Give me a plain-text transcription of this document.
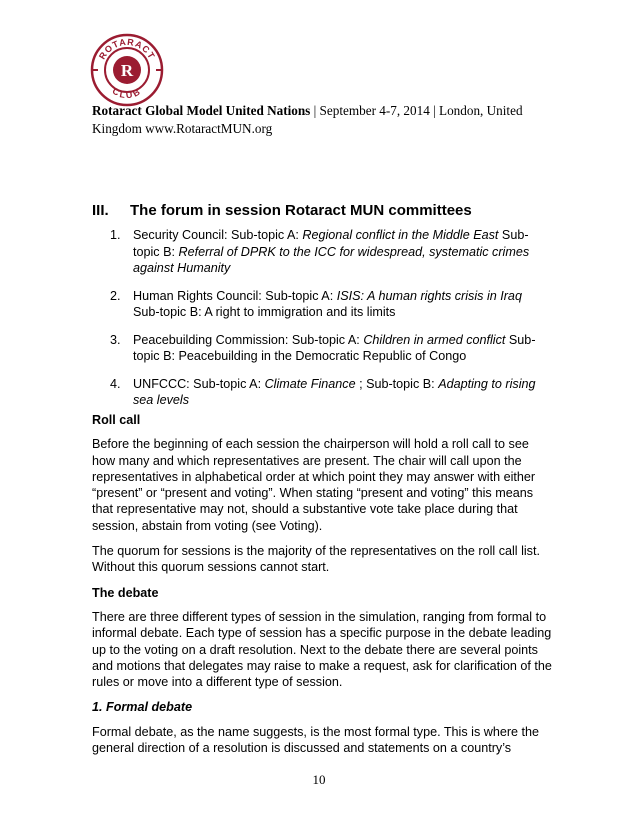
ROTARACT
CLUB
R
Rotaract Global Model United Nations | September 4-7, 2014 | London, United Kingdom www.RotaractMUN.org
III. The forum in session Rotaract MUN committees
1. Security Council: Sub-topic A: Regional conflict in the Middle East Sub-topic B: Referral of DPRK to the ICC for widespread, systematic crimes against Humanity
2. Human Rights Council: Sub-topic A: ISIS: A human rights crisis in Iraq Sub-topic B: A right to immigration and its limits
3. Peacebuilding Commission: Sub-topic A: Children in armed conflict Sub-topic B: Peacebuilding in the Democratic Republic of Congo
4. UNFCCC: Sub-topic A: Climate Finance ; Sub-topic B: Adapting to rising sea levels
Roll call

Before the beginning of each session the chairperson will hold a roll call to see how many and which representatives are present. The chair will call upon the representatives in alphabetical order at which point they may answer with either “present” or “present and voting”. When stating “present and voting” this means that representative may not, should a substantive vote take place during that session, abstain from voting (see Voting).

The quorum for sessions is the majority of the representatives on the roll call list. Without this quorum sessions cannot start.

The debate

There are three different types of session in the simulation, ranging from formal to informal debate. Each type of session has a specific purpose in the debate leading up to the voting on a draft resolution. Next to the debate there are several points and motions that delegates may raise to make a request, ask for clarification of the rules or move into a different type of session.

1. Formal debate

Formal debate, as the name suggests, is the most formal type. This is where the general direction of a resolution is discussed and statements on a country’s

10
